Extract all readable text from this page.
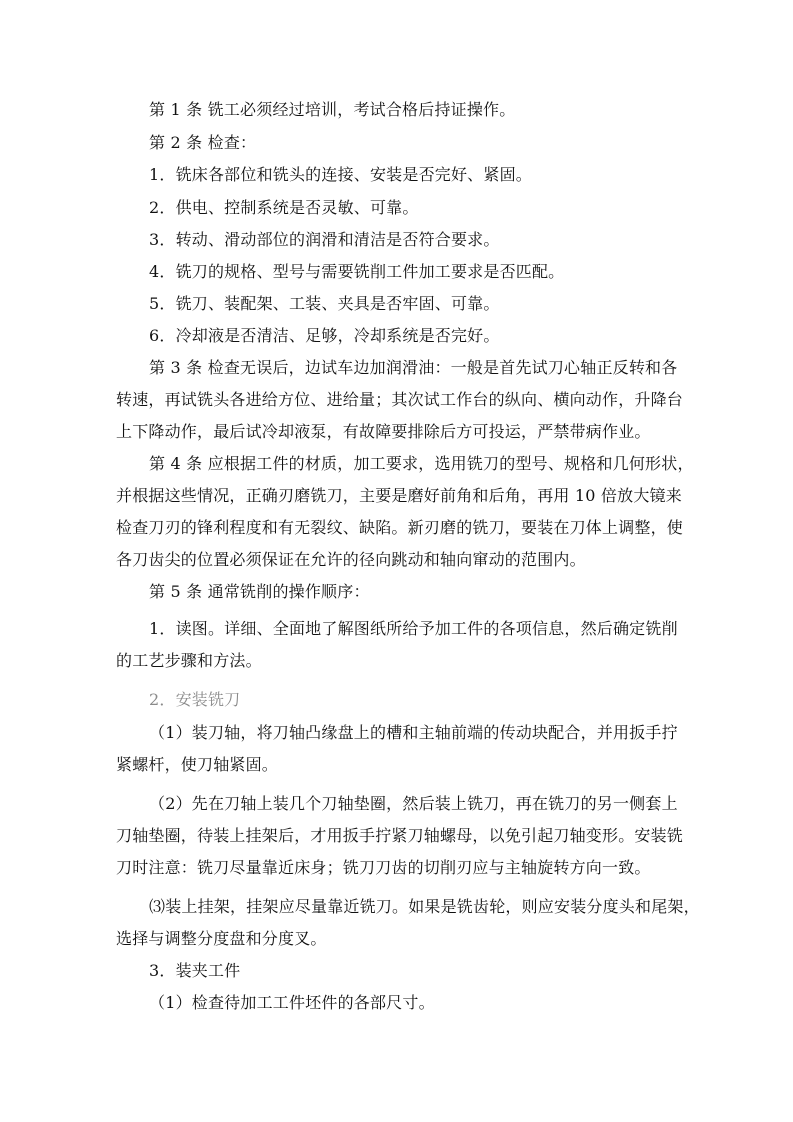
第 1 条 铣工必须经过培训，考试合格后持证操作。
第 2 条 检查：
1．铣床各部位和铣头的连接、安装是否完好、紧固。
2．供电、控制系统是否灵敏、可靠。
3．转动、滑动部位的润滑和清洁是否符合要求。
4．铣刀的规格、型号与需要铣削工件加工要求是否匹配。
5．铣刀、装配架、工装、夹具是否牢固、可靠。
6．冷却液是否清洁、足够，冷却系统是否完好。
第 3 条 检查无误后，边试车边加润滑油：一般是首先试刀心轴正反转和各
转速，再试铣头各进给方位、进给量；其次试工作台的纵向、横向动作，升降台
上下降动作，最后试冷却液泵，有故障要排除后方可投运，严禁带病作业。
第 4 条 应根据工件的材质，加工要求，选用铣刀的型号、规格和几何形状，
并根据这些情况，正确刃磨铣刀，主要是磨好前角和后角，再用 10 倍放大镜来
检查刀刃的锋利程度和有无裂纹、缺陷。新刃磨的铣刀，要装在刀体上调整，使
各刀齿尖的位置必须保证在允许的径向跳动和轴向窜动的范围内。
第 5 条 通常铣削的操作顺序：
1．读图。详细、全面地了解图纸所给予加工件的各项信息，然后确定铣削
的工艺步骤和方法。
2．安装铣刀
（1）装刀轴，将刀轴凸缘盘上的槽和主轴前端的传动块配合，并用扳手拧
紧螺杆，使刀轴紧固。
（2）先在刀轴上装几个刀轴垫圈，然后装上铣刀，再在铣刀的另一侧套上
刀轴垫圈，待装上挂架后，才用扳手拧紧刀轴螺母，以免引起刀轴变形。安装铣
刀时注意：铣刀尽量靠近床身；铣刀刀齿的切削刃应与主轴旋转方向一致。
⑶装上挂架，挂架应尽量靠近铣刀。如果是铣齿轮，则应安装分度头和尾架，
选择与调整分度盘和分度叉。
3．装夹工件
（1）检查待加工工件坯件的各部尺寸。
